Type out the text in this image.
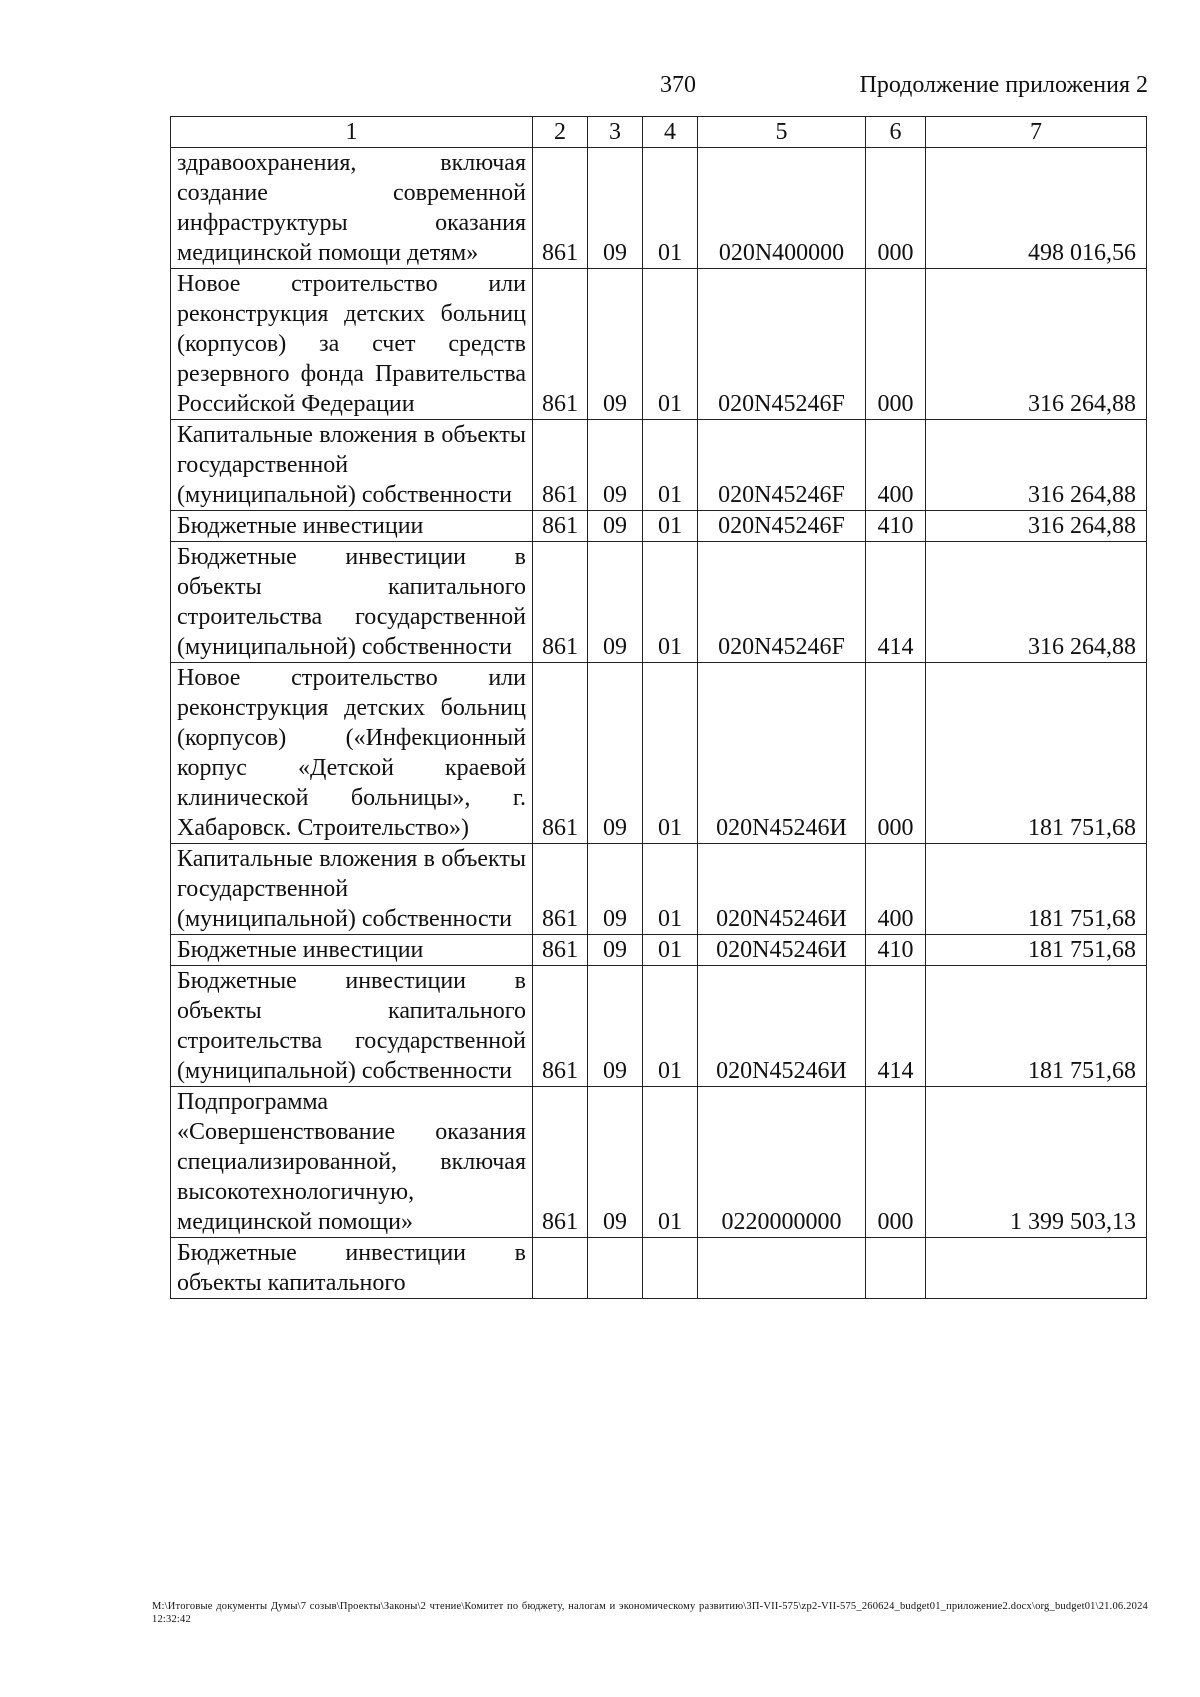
370	Продолжение приложения 2
1	2	3	4	5	6	7
здравоохранения, включая создание современной инфраструктуры оказания медицинской помощи детям»	861	09	01	020N400000	000	498 016,56
Новое строительство или реконструкция детских больниц (корпусов) за счет средств резервного фонда Правительства Российской Федерации	861	09	01	020N45246F	000	316 264,88
Капитальные вложения в объекты государственной (муниципальной) собственности	861	09	01	020N45246F	400	316 264,88
Бюджетные инвестиции	861	09	01	020N45246F	410	316 264,88
Бюджетные инвестиции в объекты капитального строительства государственной (муниципальной) собственности	861	09	01	020N45246F	414	316 264,88
Новое строительство или реконструкция детских больниц (корпусов) («Инфекционный корпус «Детской краевой клинической больницы», г. Хабаровск. Строительство»)	861	09	01	020N45246И	000	181 751,68
Капитальные вложения в объекты государственной (муниципальной) собственности	861	09	01	020N45246И	400	181 751,68
Бюджетные инвестиции	861	09	01	020N45246И	410	181 751,68
Бюджетные инвестиции в объекты капитального строительства государственной (муниципальной) собственности	861	09	01	020N45246И	414	181 751,68
Подпрограмма «Совершенствование оказания специализированной, включая высокотехнологичную, медицинской помощи»	861	09	01	0220000000	000	1 399 503,13
Бюджетные инвестиции в объекты капитального						
M:\Итоговые документы Думы\7 созыв\Проекты\Законы\2 чтение\Комитет по бюджету, налогам и экономическому развитию\3П-VII-575\zp2-VII-575_260624_budget01_приложение2.docx\org_budget01\21.06.2024 12:32:42
